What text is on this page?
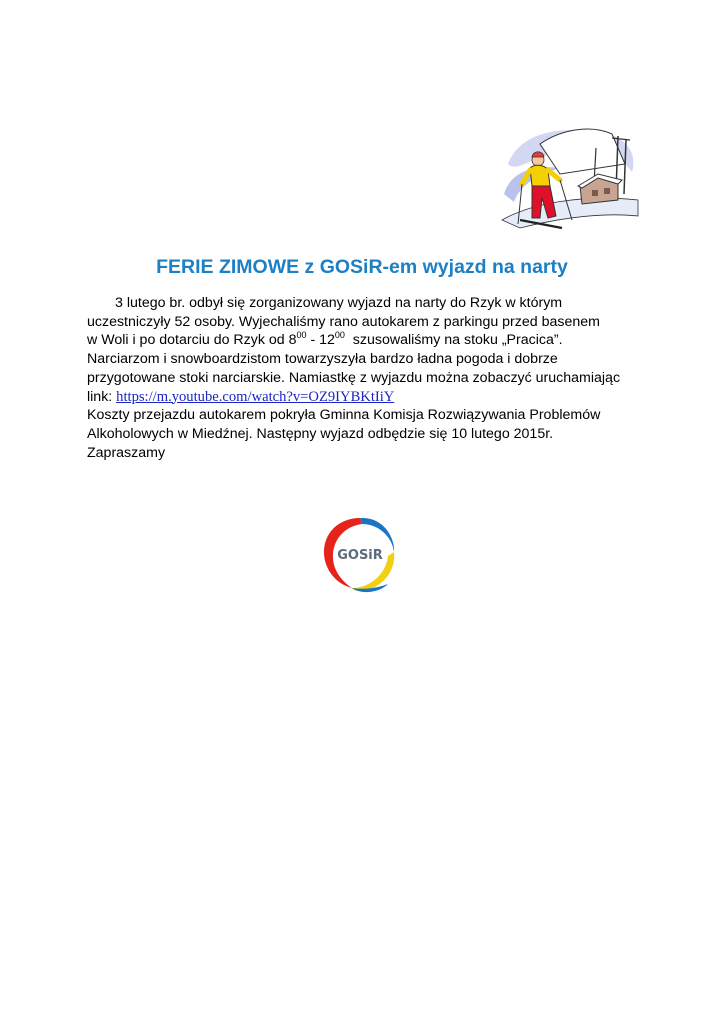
FERIE ZIMOWE z GOSiR-em wyjazd na narty
3 lutego br. odbył się zorganizowany wyjazd na narty do Rzyk w którym
uczestniczyły 52 osoby. Wyjechaliśmy rano autokarem z parkingu przed basenem
w Woli i po dotarciu do Rzyk od $8^{00} - 12^{00}$  szusowaliśmy na stoku „Pracica”.
Narciarzom i snowboardzistom towarzyszyła bardzo ładna pogoda i dobrze
przygotowane stoki narciarskie. Namiastkę z wyjazdu można zobaczyć uruchamiając
link: https://m.youtube.com/watch?v=OZ9IYBKtIiY
Koszty przejazdu autokarem pokryła Gminna Komisja Rozwiązywania Problemów
Alkoholowych w Miedźnej. Następny wyjazd odbędzie się 10 lutego 2015r.
Zapraszamy
GOSiR
